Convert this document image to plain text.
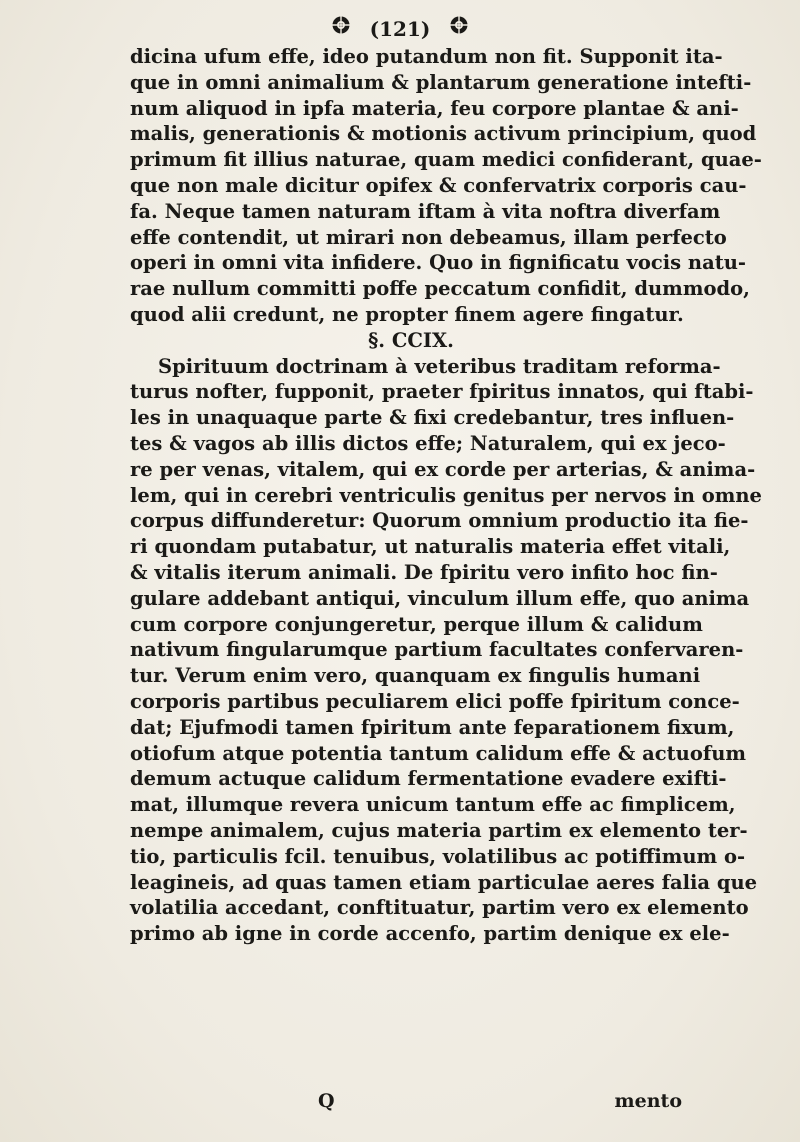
(121)
dicina ufum effe, ideo putandum non fit. Supponit ita-
que in omni animalium & plantarum generatione intefti-
num aliquod in ipfa materia, feu corpore plantae & ani-
malis, generationis & motionis activum principium, quod
primum fit illius naturae, quam medici confiderant, quae-
que non male dicitur opifex & confervatrix corporis cau-
fa. Neque tamen naturam iftam à vita noftra diverfam
effe contendit, ut mirari non debeamus, illam perfecto
operi in omni vita infidere. Quo in fignificatu vocis natu-
rae nullum committi poffe peccatum confidit, dummodo,
quod alii credunt, ne propter finem agere fingatur.
§. CCIX.
Spirituum doctrinam à veteribus traditam reforma-
turus nofter, fupponit, praeter fpiritus innatos, qui ftabi-
les in unaquaque parte & fixi credebantur, tres influen-
tes & vagos ab illis dictos effe; Naturalem, qui ex jeco-
re per venas, vitalem, qui ex corde per arterias, & anima-
lem, qui in cerebri ventriculis genitus per nervos in omne
corpus diffunderetur: Quorum omnium productio ita fie-
ri quondam putabatur, ut naturalis materia effet vitali,
& vitalis iterum animali. De fpiritu vero infito hoc fin-
gulare addebant antiqui, vinculum illum effe, quo anima
cum corpore conjungeretur, perque illum & calidum
nativum fingularumque partium facultates confervaren-
tur. Verum enim vero, quanquam ex fingulis humani
corporis partibus peculiarem elici poffe fpiritum conce-
dat; Ejufmodi tamen fpiritum ante feparationem fixum,
otiofum atque potentia tantum calidum effe & actuofum
demum actuque calidum fermentatione evadere exifti-
mat, illumque revera unicum tantum effe ac fimplicem,
nempe animalem, cujus materia partim ex elemento ter-
tio, particulis fcil. tenuibus, volatilibus ac potiffimum o-
leagineis, ad quas tamen etiam particulae aeres falia que
volatilia accedant, conftituatur, partim vero ex elemento
primo ab igne in corde accenfo, partim denique ex ele-
Q	mento
